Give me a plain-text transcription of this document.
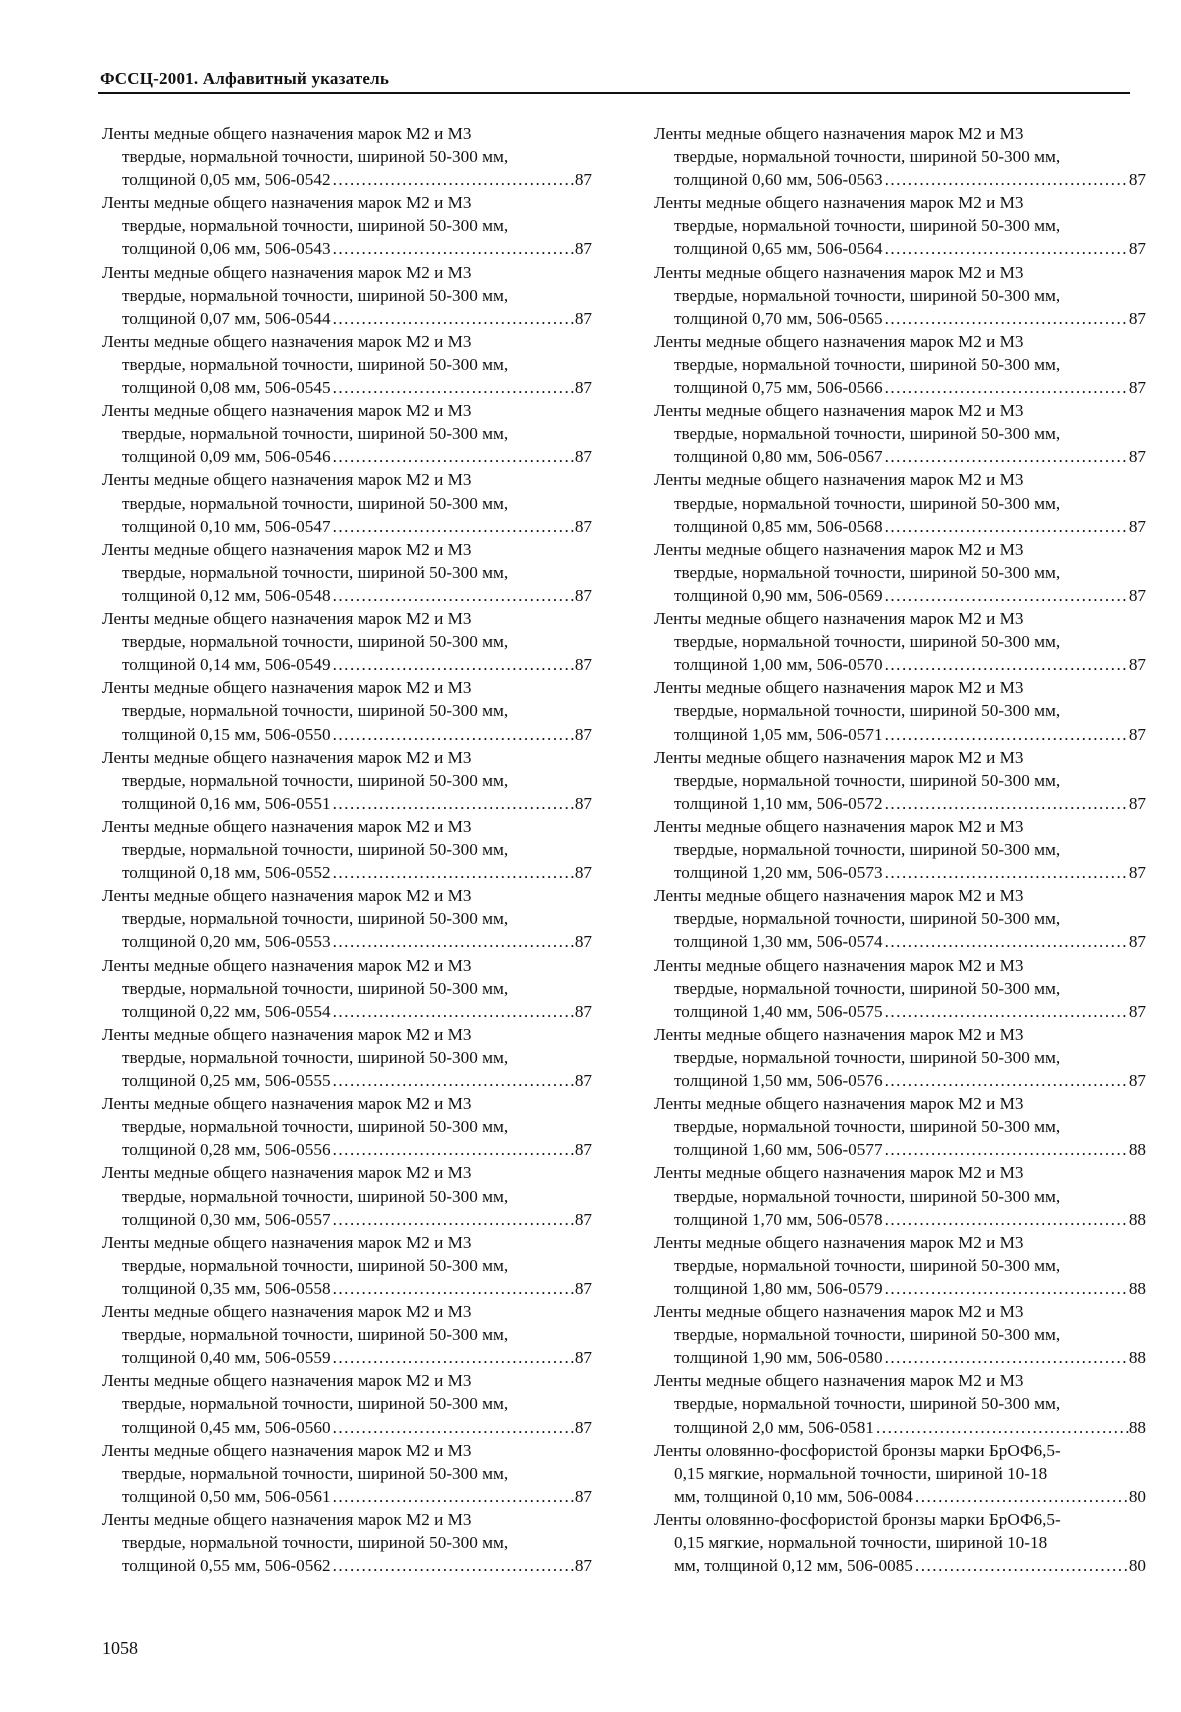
ФССЦ-2001. Алфавитный указатель
Ленты медные общего назначения марок М2 и М3
твердые, нормальной точности, шириной 50-300 мм,
толщиной 0,05 мм, 506-0542 .....	87
Ленты медные общего назначения марок М2 и М3
твердые, нормальной точности, шириной 50-300 мм,
толщиной 0,06 мм, 506-0543 .....	87
Ленты медные общего назначения марок М2 и М3
твердые, нормальной точности, шириной 50-300 мм,
толщиной 0,07 мм, 506-0544 .....	87
Ленты медные общего назначения марок М2 и М3
твердые, нормальной точности, шириной 50-300 мм,
толщиной 0,08 мм, 506-0545 .....	87
Ленты медные общего назначения марок М2 и М3
твердые, нормальной точности, шириной 50-300 мм,
толщиной 0,09 мм, 506-0546 .....	87
Ленты медные общего назначения марок М2 и М3
твердые, нормальной точности, шириной 50-300 мм,
толщиной 0,10 мм, 506-0547 .....	87
Ленты медные общего назначения марок М2 и М3
твердые, нормальной точности, шириной 50-300 мм,
толщиной 0,12 мм, 506-0548 .....	87
Ленты медные общего назначения марок М2 и М3
твердые, нормальной точности, шириной 50-300 мм,
толщиной 0,14 мм, 506-0549 .....	87
Ленты медные общего назначения марок М2 и М3
твердые, нормальной точности, шириной 50-300 мм,
толщиной 0,15 мм, 506-0550 .....	87
Ленты медные общего назначения марок М2 и М3
твердые, нормальной точности, шириной 50-300 мм,
толщиной 0,16 мм, 506-0551 .....	87
Ленты медные общего назначения марок М2 и М3
твердые, нормальной точности, шириной 50-300 мм,
толщиной 0,18 мм, 506-0552 .....	87
Ленты медные общего назначения марок М2 и М3
твердые, нормальной точности, шириной 50-300 мм,
толщиной 0,20 мм, 506-0553 .....	87
Ленты медные общего назначения марок М2 и М3
твердые, нормальной точности, шириной 50-300 мм,
толщиной 0,22 мм, 506-0554 .....	87
Ленты медные общего назначения марок М2 и М3
твердые, нормальной точности, шириной 50-300 мм,
толщиной 0,25 мм, 506-0555 .....	87
Ленты медные общего назначения марок М2 и М3
твердые, нормальной точности, шириной 50-300 мм,
толщиной 0,28 мм, 506-0556 .....	87
Ленты медные общего назначения марок М2 и М3
твердые, нормальной точности, шириной 50-300 мм,
толщиной 0,30 мм, 506-0557 .....	87
Ленты медные общего назначения марок М2 и М3
твердые, нормальной точности, шириной 50-300 мм,
толщиной 0,35 мм, 506-0558 .....	87
Ленты медные общего назначения марок М2 и М3
твердые, нормальной точности, шириной 50-300 мм,
толщиной 0,40 мм, 506-0559 .....	87
Ленты медные общего назначения марок М2 и М3
твердые, нормальной точности, шириной 50-300 мм,
толщиной 0,45 мм, 506-0560 .....	87
Ленты медные общего назначения марок М2 и М3
твердые, нормальной точности, шириной 50-300 мм,
толщиной 0,50 мм, 506-0561 .....	87
Ленты медные общего назначения марок М2 и М3
твердые, нормальной точности, шириной 50-300 мм,
толщиной 0,55 мм, 506-0562 .....	87
Ленты медные общего назначения марок М2 и М3
твердые, нормальной точности, шириной 50-300 мм,
толщиной 0,60 мм, 506-0563 .....	87
Ленты медные общего назначения марок М2 и М3
твердые, нормальной точности, шириной 50-300 мм,
толщиной 0,65 мм, 506-0564 .....	87
Ленты медные общего назначения марок М2 и М3
твердые, нормальной точности, шириной 50-300 мм,
толщиной 0,70 мм, 506-0565 .....	87
Ленты медные общего назначения марок М2 и М3
твердые, нормальной точности, шириной 50-300 мм,
толщиной 0,75 мм, 506-0566 .....	87
Ленты медные общего назначения марок М2 и М3
твердые, нормальной точности, шириной 50-300 мм,
толщиной 0,80 мм, 506-0567 .....	87
Ленты медные общего назначения марок М2 и М3
твердые, нормальной точности, шириной 50-300 мм,
толщиной 0,85 мм, 506-0568 .....	87
Ленты медные общего назначения марок М2 и М3
твердые, нормальной точности, шириной 50-300 мм,
толщиной 0,90 мм, 506-0569 .....	87
Ленты медные общего назначения марок М2 и М3
твердые, нормальной точности, шириной 50-300 мм,
толщиной 1,00 мм, 506-0570 .....	87
Ленты медные общего назначения марок М2 и М3
твердые, нормальной точности, шириной 50-300 мм,
толщиной 1,05 мм, 506-0571 .....	87
Ленты медные общего назначения марок М2 и М3
твердые, нормальной точности, шириной 50-300 мм,
толщиной 1,10 мм, 506-0572 .....	87
Ленты медные общего назначения марок М2 и М3
твердые, нормальной точности, шириной 50-300 мм,
толщиной 1,20 мм, 506-0573 .....	87
Ленты медные общего назначения марок М2 и М3
твердые, нормальной точности, шириной 50-300 мм,
толщиной 1,30 мм, 506-0574 .....	87
Ленты медные общего назначения марок М2 и М3
твердые, нормальной точности, шириной 50-300 мм,
толщиной 1,40 мм, 506-0575 .....	87
Ленты медные общего назначения марок М2 и М3
твердые, нормальной точности, шириной 50-300 мм,
толщиной 1,50 мм, 506-0576 .....	87
Ленты медные общего назначения марок М2 и М3
твердые, нормальной точности, шириной 50-300 мм,
толщиной 1,60 мм, 506-0577 .....	88
Ленты медные общего назначения марок М2 и М3
твердые, нормальной точности, шириной 50-300 мм,
толщиной 1,70 мм, 506-0578 .....	88
Ленты медные общего назначения марок М2 и М3
твердые, нормальной точности, шириной 50-300 мм,
толщиной 1,80 мм, 506-0579 .....	88
Ленты медные общего назначения марок М2 и М3
твердые, нормальной точности, шириной 50-300 мм,
толщиной 1,90 мм, 506-0580 .....	88
Ленты медные общего назначения марок М2 и М3
твердые, нормальной точности, шириной 50-300 мм,
толщиной 2,0 мм, 506-0581 .....	88
Ленты оловянно-фосфористой бронзы марки БрОФ6,5-
0,15 мягкие, нормальной точности, шириной 10-18
мм, толщиной 0,10 мм, 506-0084 .....	80
Ленты оловянно-фосфористой бронзы марки БрОФ6,5-
0,15 мягкие, нормальной точности, шириной 10-18
мм, толщиной 0,12 мм, 506-0085 .....	80
1058
